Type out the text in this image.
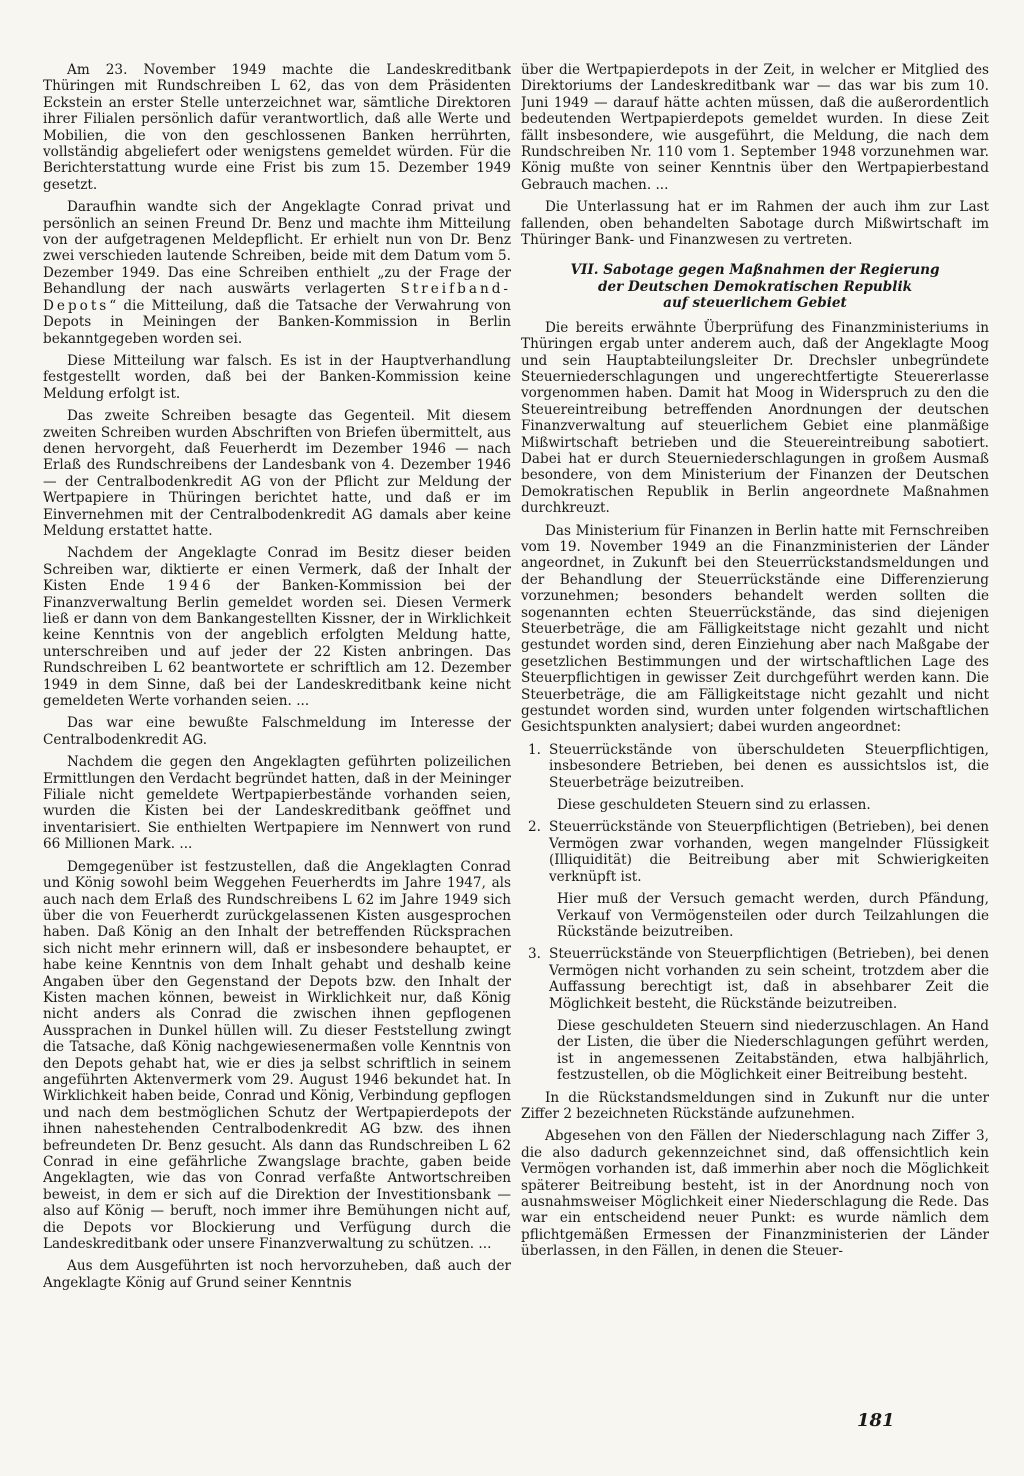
Am 23. November 1949 machte die Landeskreditbank Thüringen mit Rundschreiben L 62, das von dem Präsidenten Eckstein an erster Stelle unterzeichnet war, sämtliche Direktoren ihrer Filialen persönlich dafür verantwortlich, daß alle Werte und Mobilien, die von den geschlossenen Banken herrührten, vollständig abgeliefert oder wenigstens gemeldet würden. Für die Berichterstattung wurde eine Frist bis zum 15. Dezember 1949 gesetzt.

Daraufhin wandte sich der Angeklagte Conrad privat und persönlich an seinen Freund Dr. Benz und machte ihm Mitteilung von der aufgetragenen Meldepflicht. Er erhielt nun von Dr. Benz zwei verschieden lautende Schreiben, beide mit dem Datum vom 5. Dezember 1949. Das eine Schreiben enthielt „zu der Frage der Behandlung der nach auswärts verlagerten Streifband-Depots“ die Mitteilung, daß die Tatsache der Verwahrung von Depots in Meiningen der Banken-Kommission in Berlin bekanntgegeben worden sei.

Diese Mitteilung war falsch. Es ist in der Hauptverhandlung festgestellt worden, daß bei der Banken-Kommission keine Meldung erfolgt ist.

Das zweite Schreiben besagte das Gegenteil. Mit diesem zweiten Schreiben wurden Abschriften von Briefen übermittelt, aus denen hervorgeht, daß Feuerherdt im Dezember 1946 — nach Erlaß des Rundschreibens der Landesbank von 4. Dezember 1946 — der Centralbodenkredit AG von der Pflicht zur Meldung der Wertpapiere in Thüringen berichtet hatte, und daß er im Einvernehmen mit der Centralbodenkredit AG damals aber keine Meldung erstattet hatte.

Nachdem der Angeklagte Conrad im Besitz dieser beiden Schreiben war, diktierte er einen Vermerk, daß der Inhalt der Kisten Ende 1946 der Banken-Kommission bei der Finanzverwaltung Berlin gemeldet worden sei. Diesen Vermerk ließ er dann von dem Bankangestellten Kissner, der in Wirklichkeit keine Kenntnis von der angeblich erfolgten Meldung hatte, unterschreiben und auf jeder der 22 Kisten anbringen. Das Rundschreiben L 62 beantwortete er schriftlich am 12. Dezember 1949 in dem Sinne, daß bei der Landeskreditbank keine nicht gemeldeten Werte vorhanden seien. ...

Das war eine bewußte Falschmeldung im Interesse der Centralbodenkredit AG.

Nachdem die gegen den Angeklagten geführten polizeilichen Ermittlungen den Verdacht begründet hatten, daß in der Meininger Filiale nicht gemeldete Wertpapierbestände vorhanden seien, wurden die Kisten bei der Landeskreditbank geöffnet und inventarisiert. Sie enthielten Wertpapiere im Nennwert von rund 66 Millionen Mark. ...

Demgegenüber ist festzustellen, daß die Angeklagten Conrad und König sowohl beim Weggehen Feuerherdts im Jahre 1947, als auch nach dem Erlaß des Rundschreibens L 62 im Jahre 1949 sich über die von Feuerherdt zurückgelassenen Kisten ausgesprochen haben. Daß König an den Inhalt der betreffenden Rücksprachen sich nicht mehr erinnern will, daß er insbesondere behauptet, er habe keine Kenntnis von dem Inhalt gehabt und deshalb keine Angaben über den Gegenstand der Depots bzw. den Inhalt der Kisten machen können, beweist in Wirklichkeit nur, daß König nicht anders als Conrad die zwischen ihnen gepflogenen Aussprachen in Dunkel hüllen will. Zu dieser Feststellung zwingt die Tatsache, daß König nachgewiesenermaßen volle Kenntnis von den Depots gehabt hat, wie er dies ja selbst schriftlich in seinem angeführten Aktenvermerk vom 29. August 1946 bekundet hat. In Wirklichkeit haben beide, Conrad und König, Verbindung gepflogen und nach dem bestmöglichen Schutz der Wertpapierdepots der ihnen nahestehenden Centralbodenkredit AG bzw. des ihnen befreundeten Dr. Benz gesucht. Als dann das Rundschreiben L 62 Conrad in eine gefährliche Zwangslage brachte, gaben beide Angeklagten, wie das von Conrad verfaßte Antwortschreiben beweist, in dem er sich auf die Direktion der Investitionsbank — also auf König — beruft, noch immer ihre Bemühungen nicht auf, die Depots vor Blockierung und Verfügung durch die Landeskreditbank oder unsere Finanzverwaltung zu schützen. ...

Aus dem Ausgeführten ist noch hervorzuheben, daß auch der Angeklagte König auf Grund seiner Kenntnis

über die Wertpapierdepots in der Zeit, in welcher er Mitglied des Direktoriums der Landeskreditbank war — das war bis zum 10. Juni 1949 — darauf hätte achten müssen, daß die außerordentlich bedeutenden Wertpapierdepots gemeldet wurden. In diese Zeit fällt insbesondere, wie ausgeführt, die Meldung, die nach dem Rundschreiben Nr. 110 vom 1. September 1948 vorzunehmen war. König mußte von seiner Kenntnis über den Wertpapierbestand Gebrauch machen. ...

Die Unterlassung hat er im Rahmen der auch ihm zur Last fallenden, oben behandelten Sabotage durch Mißwirtschaft im Thüringer Bank- und Finanzwesen zu vertreten.

VII. Sabotage gegen Maßnahmen der Regierung
der Deutschen Demokratischen Republik
auf steuerlichem Gebiet

Die bereits erwähnte Überprüfung des Finanzministeriums in Thüringen ergab unter anderem auch, daß der Angeklagte Moog und sein Hauptabteilungsleiter Dr. Drechsler unbegründete Steuerniederschlagungen und ungerechtfertigte Steuererlasse vorgenommen haben. Damit hat Moog in Widerspruch zu den die Steuereintreibung betreffenden Anordnungen der deutschen Finanzverwaltung auf steuerlichem Gebiet eine planmäßige Mißwirtschaft betrieben und die Steuereintreibung sabotiert. Dabei hat er durch Steuerniederschlagungen in großem Ausmaß besondere, von dem Ministerium der Finanzen der Deutschen Demokratischen Republik in Berlin angeordnete Maßnahmen durchkreuzt.

Das Ministerium für Finanzen in Berlin hatte mit Fernschreiben vom 19. November 1949 an die Finanzministerien der Länder angeordnet, in Zukunft bei den Steuerrückstandsmeldungen und der Behandlung der Steuerrückstände eine Differenzierung vorzunehmen; besonders behandelt werden sollten die sogenannten echten Steuerrückstände, das sind diejenigen Steuerbeträge, die am Fälligkeitstage nicht gezahlt und nicht gestundet worden sind, deren Einziehung aber nach Maßgabe der gesetzlichen Bestimmungen und der wirtschaftlichen Lage des Steuerpflichtigen in gewisser Zeit durchgeführt werden kann. Die Steuerbeträge, die am Fälligkeitstage nicht gezahlt und nicht gestundet worden sind, wurden unter folgenden wirtschaftlichen Gesichtspunkten analysiert; dabei wurden angeordnet:

1. Steuerrückstände von überschuldeten Steuerpflichtigen, insbesondere Betrieben, bei denen es aussichtslos ist, die Steuerbeträge beizutreiben.

Diese geschuldeten Steuern sind zu erlassen.

2. Steuerrückstände von Steuerpflichtigen (Betrieben), bei denen Vermögen zwar vorhanden, wegen mangelnder Flüssigkeit (Illiquidität) die Beitreibung aber mit Schwierigkeiten verknüpft ist.

Hier muß der Versuch gemacht werden, durch Pfändung, Verkauf von Vermögensteilen oder durch Teilzahlungen die Rückstände beizutreiben.

3. Steuerrückstände von Steuerpflichtigen (Betrieben), bei denen Vermögen nicht vorhanden zu sein scheint, trotzdem aber die Auffassung berechtigt ist, daß in absehbarer Zeit die Möglichkeit besteht, die Rückstände beizutreiben.

Diese geschuldeten Steuern sind niederzuschlagen. An Hand der Listen, die über die Niederschlagungen geführt werden, ist in angemessenen Zeitabständen, etwa halbjährlich, festzustellen, ob die Möglichkeit einer Beitreibung besteht.

In die Rückstandsmeldungen sind in Zukunft nur die unter Ziffer 2 bezeichneten Rückstände aufzunehmen.

Abgesehen von den Fällen der Niederschlagung nach Ziffer 3, die also dadurch gekennzeichnet sind, daß offensichtlich kein Vermögen vorhanden ist, daß immerhin aber noch die Möglichkeit späterer Beitreibung besteht, ist in der Anordnung noch von ausnahmsweiser Möglichkeit einer Niederschlagung die Rede. Das war ein entscheidend neuer Punkt: es wurde nämlich dem pflichtgemäßen Ermessen der Finanzministerien der Länder überlassen, in den Fällen, in denen die Steuer-

181
